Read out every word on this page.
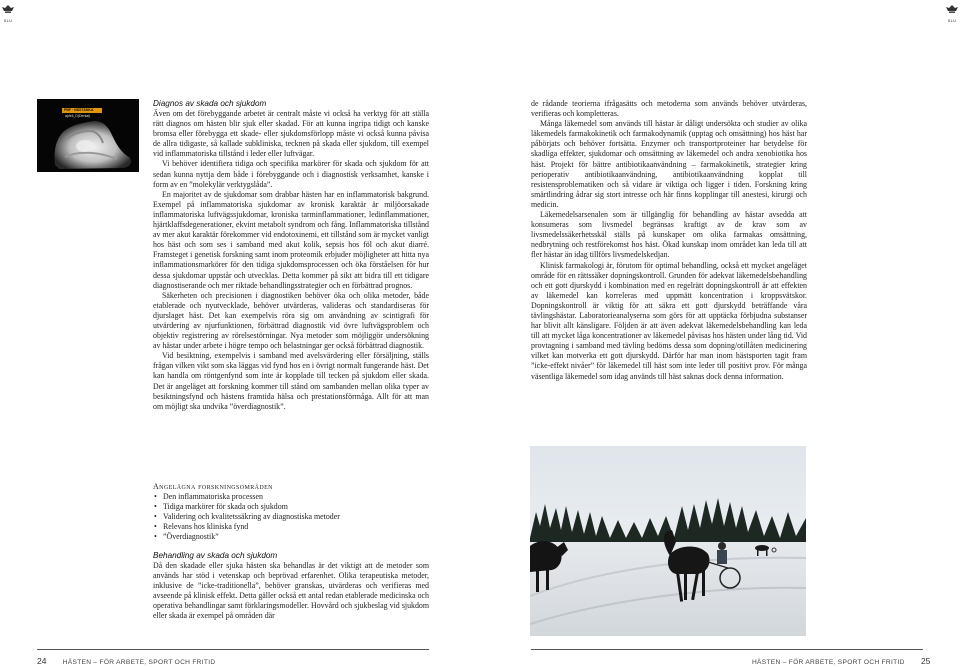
SLU
PBF · NÄSTANKA
apfell_D(Dental)

Diagnos av skada och sjukdom

Även om det förebyggande arbetet är centralt måste vi också ha verktyg för att ställa rätt diagnos om hästen blir sjuk eller skadad. För att kunna ingripa tidigt och kanske bromsa eller förebygga ett skade- eller sjukdomsförlopp måste vi också kunna påvisa de allra tidigaste, så kallade subkliniska, tecknen på skada eller sjukdom, till exempel vid inflammatoriska tillstånd i leder eller luftvägar.

Vi behöver identifiera tidiga och specifika markörer för skada och sjukdom för att sedan kunna nyttja dem både i förebyggande och i diagnostisk verksamhet, kanske i form av en ”molekylär verktygslåda”.

En majoritet av de sjukdomar som drabbar hästen har en inflammatorisk bakgrund. Exempel på inflammatoriska sjukdomar av kronisk karaktär är miljöorsakade inflammatoriska luftvägssjukdomar, kroniska tarminflammationer, ledinflammationer, hjärtklaffsdegenerationer, ekvint metabolt syndrom och fång. Inflammatoriska tillstånd av mer akut karaktär förekommer vid endotoxinemi, ett tillstånd som är mycket vanligt hos häst och som ses i samband med akut kolik, sepsis hos föl och akut diarré. Framsteget i genetisk forskning samt inom proteomik erbjuder möjligheter att hitta nya inflammationsmarkörer för den tidiga sjukdomsprocessen och öka förståelsen för hur dessa sjukdomar uppstår och utvecklas. Detta kommer på sikt att bidra till ett tidigare diagnostiserande och mer riktade behandlingsstrategier och en förbättrad prognos.

Säkerheten och precisionen i diagnostiken behöver öka och olika metoder, både etablerade och nyutvecklade, behöver utvärderas, valideras och standardiseras för djurslaget häst. Det kan exempelvis röra sig om användning av scintigrafi för utvärdering av njurfunktionen, förbättrad diagnostik vid övre luftvägsproblem och objektiv registrering av rörelsestörningar. Nya metoder som möjliggör undersökning av hästar under arbete i högre tempo och belastningar ger också förbättrad diagnostik.

Vid besiktning, exempelvis i samband med avelsvärdering eller försäljning, ställs frågan vilken vikt som ska läggas vid fynd hos en i övrigt normalt fungerande häst. Det kan handla om röntgenfynd som inte är kopplade till tecken på sjukdom eller skada. Det är angeläget att forskning kommer till stånd om sambanden mellan olika typer av besiktningsfynd och hästens framtida hälsa och prestationsförmåga. Allt för att man om möjligt ska undvika ”överdiagnostik”.

Angelägna forskningsområden

• Den inflammatoriska processen
• Tidiga markörer för skada och sjukdom
• Validering och kvalitetssäkring av diagnostiska metoder
• Relevans hos kliniska fynd
• ”Överdiagnostik”

Behandling av skada och sjukdom

Då den skadade eller sjuka hästen ska behandlas är det viktigt att de metoder som används har stöd i vetenskap och beprövad erfarenhet. Olika terapeutiska metoder, inklusive de ”icke-traditionella”, behöver granskas, utvärderas och verifieras med avseende på klinisk effekt. Detta gäller också ett antal redan etablerade medicinska och operativa behandlingar samt förklaringsmodeller. Hovvård och sjukbeslag vid sjukdom eller skada är exempel på områden där

24 HÄSTEN – FÖR ARBETE, SPORT OCH FRITID
SLU

de rådande teorierna ifrågasätts och metoderna som används behöver utvärderas, verifieras och kompletteras.

Många läkemedel som används till hästar är dåligt undersökta och studier av olika läkemedels farmakokinetik och farmakodynamik (upptag och omsättning) hos häst har påbörjats och behöver fortsätta. Enzymer och transportproteiner har betydelse för skadliga effekter, sjukdomar och omsättning av läkemedel och andra xenobiotika hos häst. Projekt för bättre antibiotikaanvändning – farmakokinetik, strategier kring perioperativ antibiotikaanvändning, antibiotikaanvändning kopplat till resistensproblematiken och så vidare är viktiga och ligger i tiden. Forskning kring smärtlindring ådrar sig stort intresse och här finns kopplingar till anestesi, kirurgi och medicin.

Läkemedelsarsenalen som är tillgänglig för behandling av hästar avsedda att konsumeras som livsmedel begränsas kraftigt av de krav som av livsmedelssäkerhetsskäl ställs på kunskaper om olika farmakas omsättning, nedbrytning och restförekomst hos häst. Ökad kunskap inom området kan leda till att fler hästar än idag tillförs livsmedelskedjan.

Klinisk farmakologi är, förutom för optimal behandling, också ett mycket angeläget område för en rättssäker dopningskontroll. Grunden för adekvat läkemedelsbehandling och ett gott djurskydd i kombination med en regelrätt dopningskontroll är att effekten av läkemedel kan korreleras med uppmätt koncentration i kroppsvätskor. Dopningskontroll är viktig för att säkra ett gott djurskydd beträffande våra tävlingshästar. Laboratorieanalyserna som görs för att upptäcka förbjudna substanser har blivit allt känsligare. Följden är att även adekvat läkemedelsbehandling kan leda till att mycket låga koncentrationer av läkemedel påvisas hos hästen under lång tid. Vid provtagning i samband med tävling bedöms dessa som dopning/otillåten medicinering vilket kan motverka ett gott djurskydd. Därför har man inom hästsporten tagit fram ”icke-effekt nivåer” för läkemedel till häst som inte leder till positivt prov. För många väsentliga läkemedel som idag används till häst saknas dock denna information.

HÄSTEN – FÖR ARBETE, SPORT OCH FRITID 25
